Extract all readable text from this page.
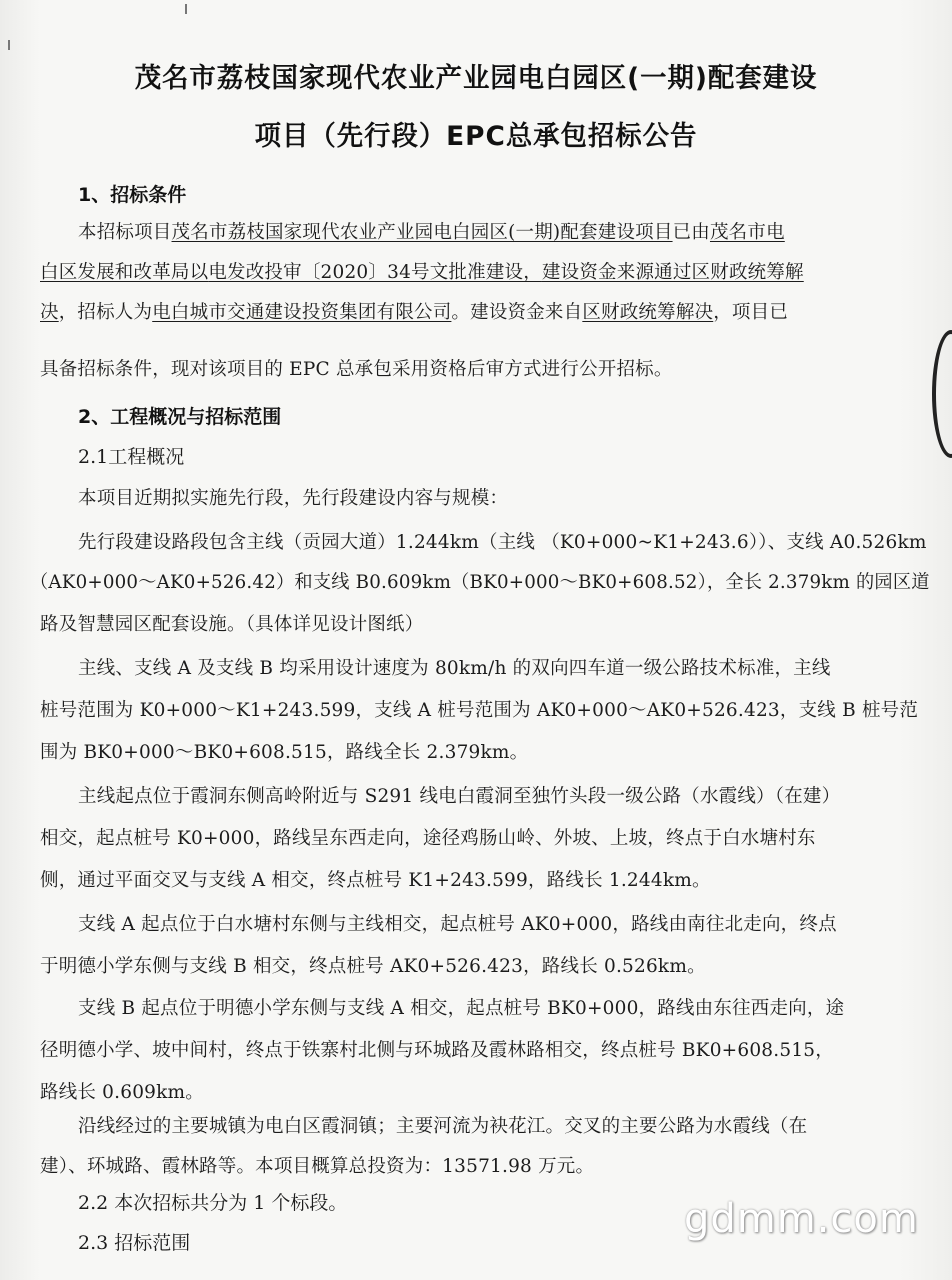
茂名市荔枝国家现代农业产业园电白园区(一期)配套建设
项目（先行段）EPC总承包招标公告
1、招标条件
本招标项目茂名市荔枝国家现代农业产业园电白园区(一期)配套建设项目已由茂名市电
白区发展和改革局以电发改投审〔2020〕34号文批准建设，建设资金来源通过区财政统筹解
决，招标人为电白城市交通建设投资集团有限公司。建设资金来自区财政统筹解决，项目已
具备招标条件，现对该项目的 EPC 总承包采用资格后审方式进行公开招标。
2、工程概况与招标范围
2.1工程概况
本项目近期拟实施先行段，先行段建设内容与规模：
先行段建设路段包含主线（贡园大道）1.244km（主线 （K0+000~K1+243.6））、支线 A0.526km
（AK0+000～AK0+526.42）和支线 B0.609km（BK0+000～BK0+608.52），全长 2.379km 的园区道
路及智慧园区配套设施。（具体详见设计图纸）
主线、支线 A 及支线 B 均采用设计速度为 80km/h 的双向四车道一级公路技术标准，主线
桩号范围为 K0+000～K1+243.599，支线 A 桩号范围为 AK0+000～AK0+526.423，支线 B 桩号范
围为 BK0+000～BK0+608.515，路线全长 2.379km。
主线起点位于霞洞东侧高岭附近与 S291 线电白霞洞至独竹头段一级公路（水霞线）（在建）
相交，起点桩号 K0+000，路线呈东西走向，途径鸡肠山岭、外坡、上坡，终点于白水塘村东
侧，通过平面交叉与支线 A 相交，终点桩号 K1+243.599，路线长 1.244km。
支线 A 起点位于白水塘村东侧与主线相交，起点桩号 AK0+000，路线由南往北走向，终点
于明德小学东侧与支线 B 相交，终点桩号 AK0+526.423，路线长 0.526km。
支线 B 起点位于明德小学东侧与支线 A 相交，起点桩号 BK0+000，路线由东往西走向，途
径明德小学、坡中间村，终点于铁寨村北侧与环城路及霞林路相交，终点桩号 BK0+608.515，
路线长 0.609km。
沿线经过的主要城镇为电白区霞洞镇；主要河流为袂花江。交叉的主要公路为水霞线（在
建）、环城路、霞林路等。本项目概算总投资为：13571.98 万元。
2.2 本次招标共分为 1 个标段。
2.3 招标范围
gdmm.com
